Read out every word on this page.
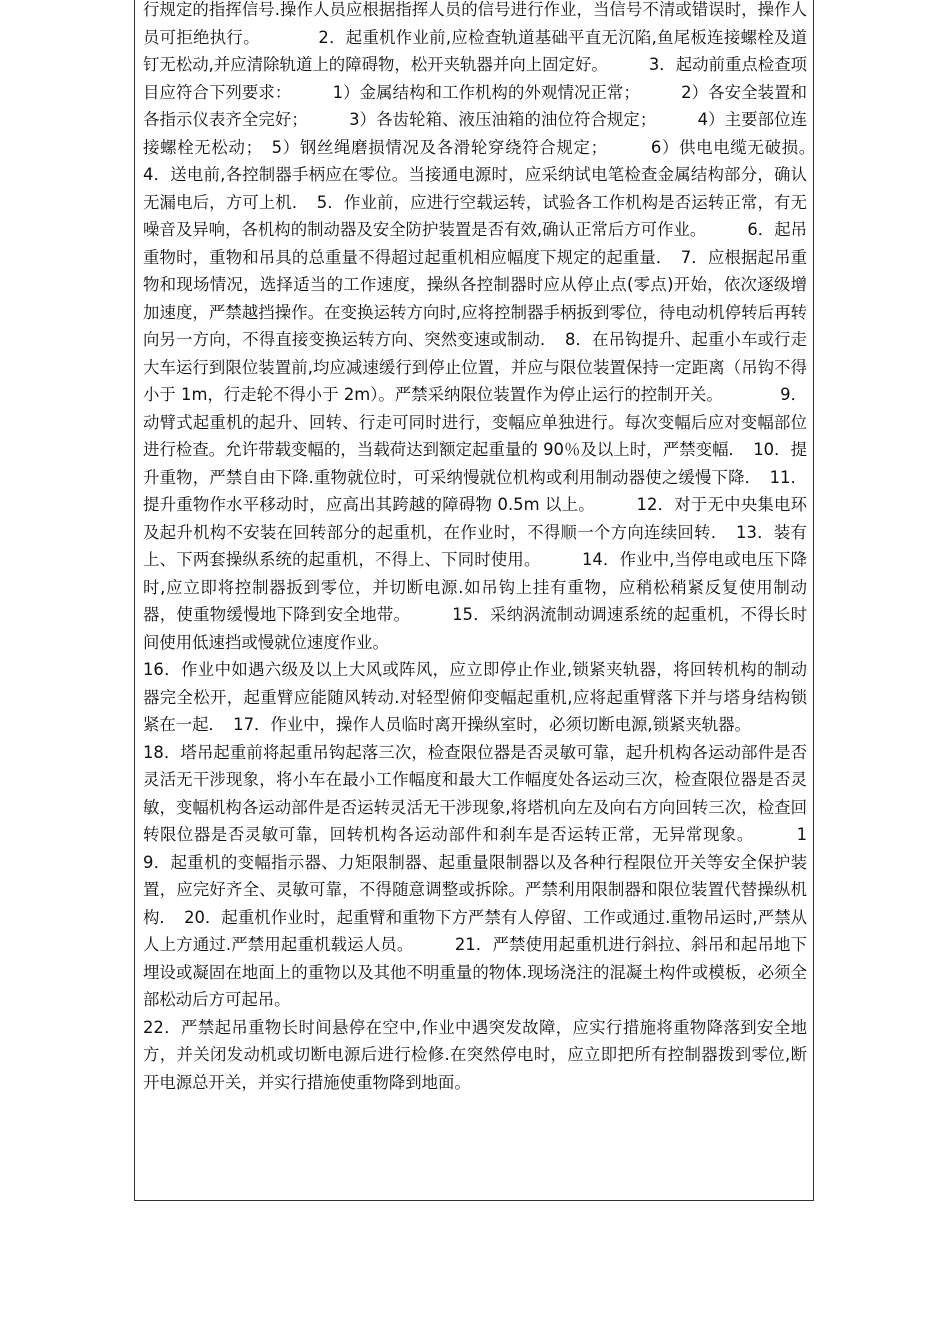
行规定的指挥信号.操作人员应根据指挥人员的信号进行作业，当信号不清或错误时，操作人员可拒绝执行。　　　　2．起重机作业前,应检查轨道基础平直无沉陷,鱼尾板连接螺栓及道钉无松动,并应清除轨道上的障碍物，松开夹轨器并向上固定好。　　　3．起动前重点检查项目应符合下列要求：　　　1）金属结构和工作机构的外观情况正常；　　　2）各安全装置和各指示仪表齐全完好；　　　3）各齿轮箱、液压油箱的油位符合规定；　　　4）主要部位连接螺栓无松动；　5）钢丝绳磨损情况及各滑轮穿绕符合规定；　　　6）供电电缆无破损。　　　4．送电前,各控制器手柄应在零位。当接通电源时，应采纳试电笔检查金属结构部分，确认无漏电后，方可上机．　5．作业前，应进行空载运转，试验各工作机构是否运转正常，有无噪音及异响，各机构的制动器及安全防护装置是否有效,确认正常后方可作业。　　　6．起吊重物时，重物和吊具的总重量不得超过起重机相应幅度下规定的起重量．　7．应根据起吊重物和现场情况，选择适当的工作速度，操纵各控制器时应从停止点(零点)开始，依次逐级增加速度，严禁越挡操作。在变换运转方向时,应将控制器手柄扳到零位，待电动机停转后再转向另一方向，不得直接变换运转方向、突然变速或制动．　8．在吊钩提升、起重小车或行走大车运行到限位装置前,均应减速缓行到停止位置，并应与限位装置保持一定距离（吊钩不得小于 1m，行走轮不得小于 2m）。严禁采纳限位装置作为停止运行的控制开关。　　　　9．动臂式起重机的起升、回转、行走可同时进行，变幅应单独进行。每次变幅后应对变幅部位进行检查。允许带载变幅的，当载荷达到额定起重量的 90％及以上时，严禁变幅．　10．提升重物，严禁自由下降.重物就位时，可采纳慢就位机构或利用制动器使之缓慢下降．　11．提升重物作水平移动时，应高出其跨越的障碍物 0.5m 以上。　　　12．对于无中央集电环及起升机构不安装在回转部分的起重机，在作业时，不得顺一个方向连续回转．　13．装有上、下两套操纵系统的起重机，不得上、下同时使用。　　　14．作业中,当停电或电压下降时,应立即将控制器扳到零位，并切断电源.如吊钩上挂有重物，应稍松稍紧反复使用制动器，使重物缓慢地下降到安全地带。　　　15．采纳涡流制动调速系统的起重机，不得长时间使用低速挡或慢就位速度作业。

16．作业中如遇六级及以上大风或阵风，应立即停止作业,锁紧夹轨器，将回转机构的制动器完全松开，起重臂应能随风转动.对轻型俯仰变幅起重机,应将起重臂落下并与塔身结构锁紧在一起．　17．作业中，操作人员临时离开操纵室时，必须切断电源,锁紧夹轨器。

18．塔吊起重前将起重吊钩起落三次，检查限位器是否灵敏可靠，起升机构各运动部件是否灵活无干涉现象，将小车在最小工作幅度和最大工作幅度处各运动三次，检查限位器是否灵敏，变幅机构各运动部件是否运转灵活无干涉现象,将塔机向左及向右方向回转三次，检查回转限位器是否灵敏可靠，回转机构各运动部件和刹车是否运转正常，无异常现象。　　　19．起重机的变幅指示器、力矩限制器、起重量限制器以及各种行程限位开关等安全保护装置，应完好齐全、灵敏可靠，不得随意调整或拆除。严禁利用限制器和限位装置代替操纵机构．　20．起重机作业时，起重臂和重物下方严禁有人停留、工作或通过.重物吊运时,严禁从人上方通过.严禁用起重机载运人员。　　　21．严禁使用起重机进行斜拉、斜吊和起吊地下埋设或凝固在地面上的重物以及其他不明重量的物体.现场浇注的混凝土构件或模板，必须全部松动后方可起吊。

22．严禁起吊重物长时间悬停在空中,作业中遇突发故障，应实行措施将重物降落到安全地方，并关闭发动机或切断电源后进行检修.在突然停电时，应立即把所有控制器拨到零位,断开电源总开关，并实行措施使重物降到地面。
